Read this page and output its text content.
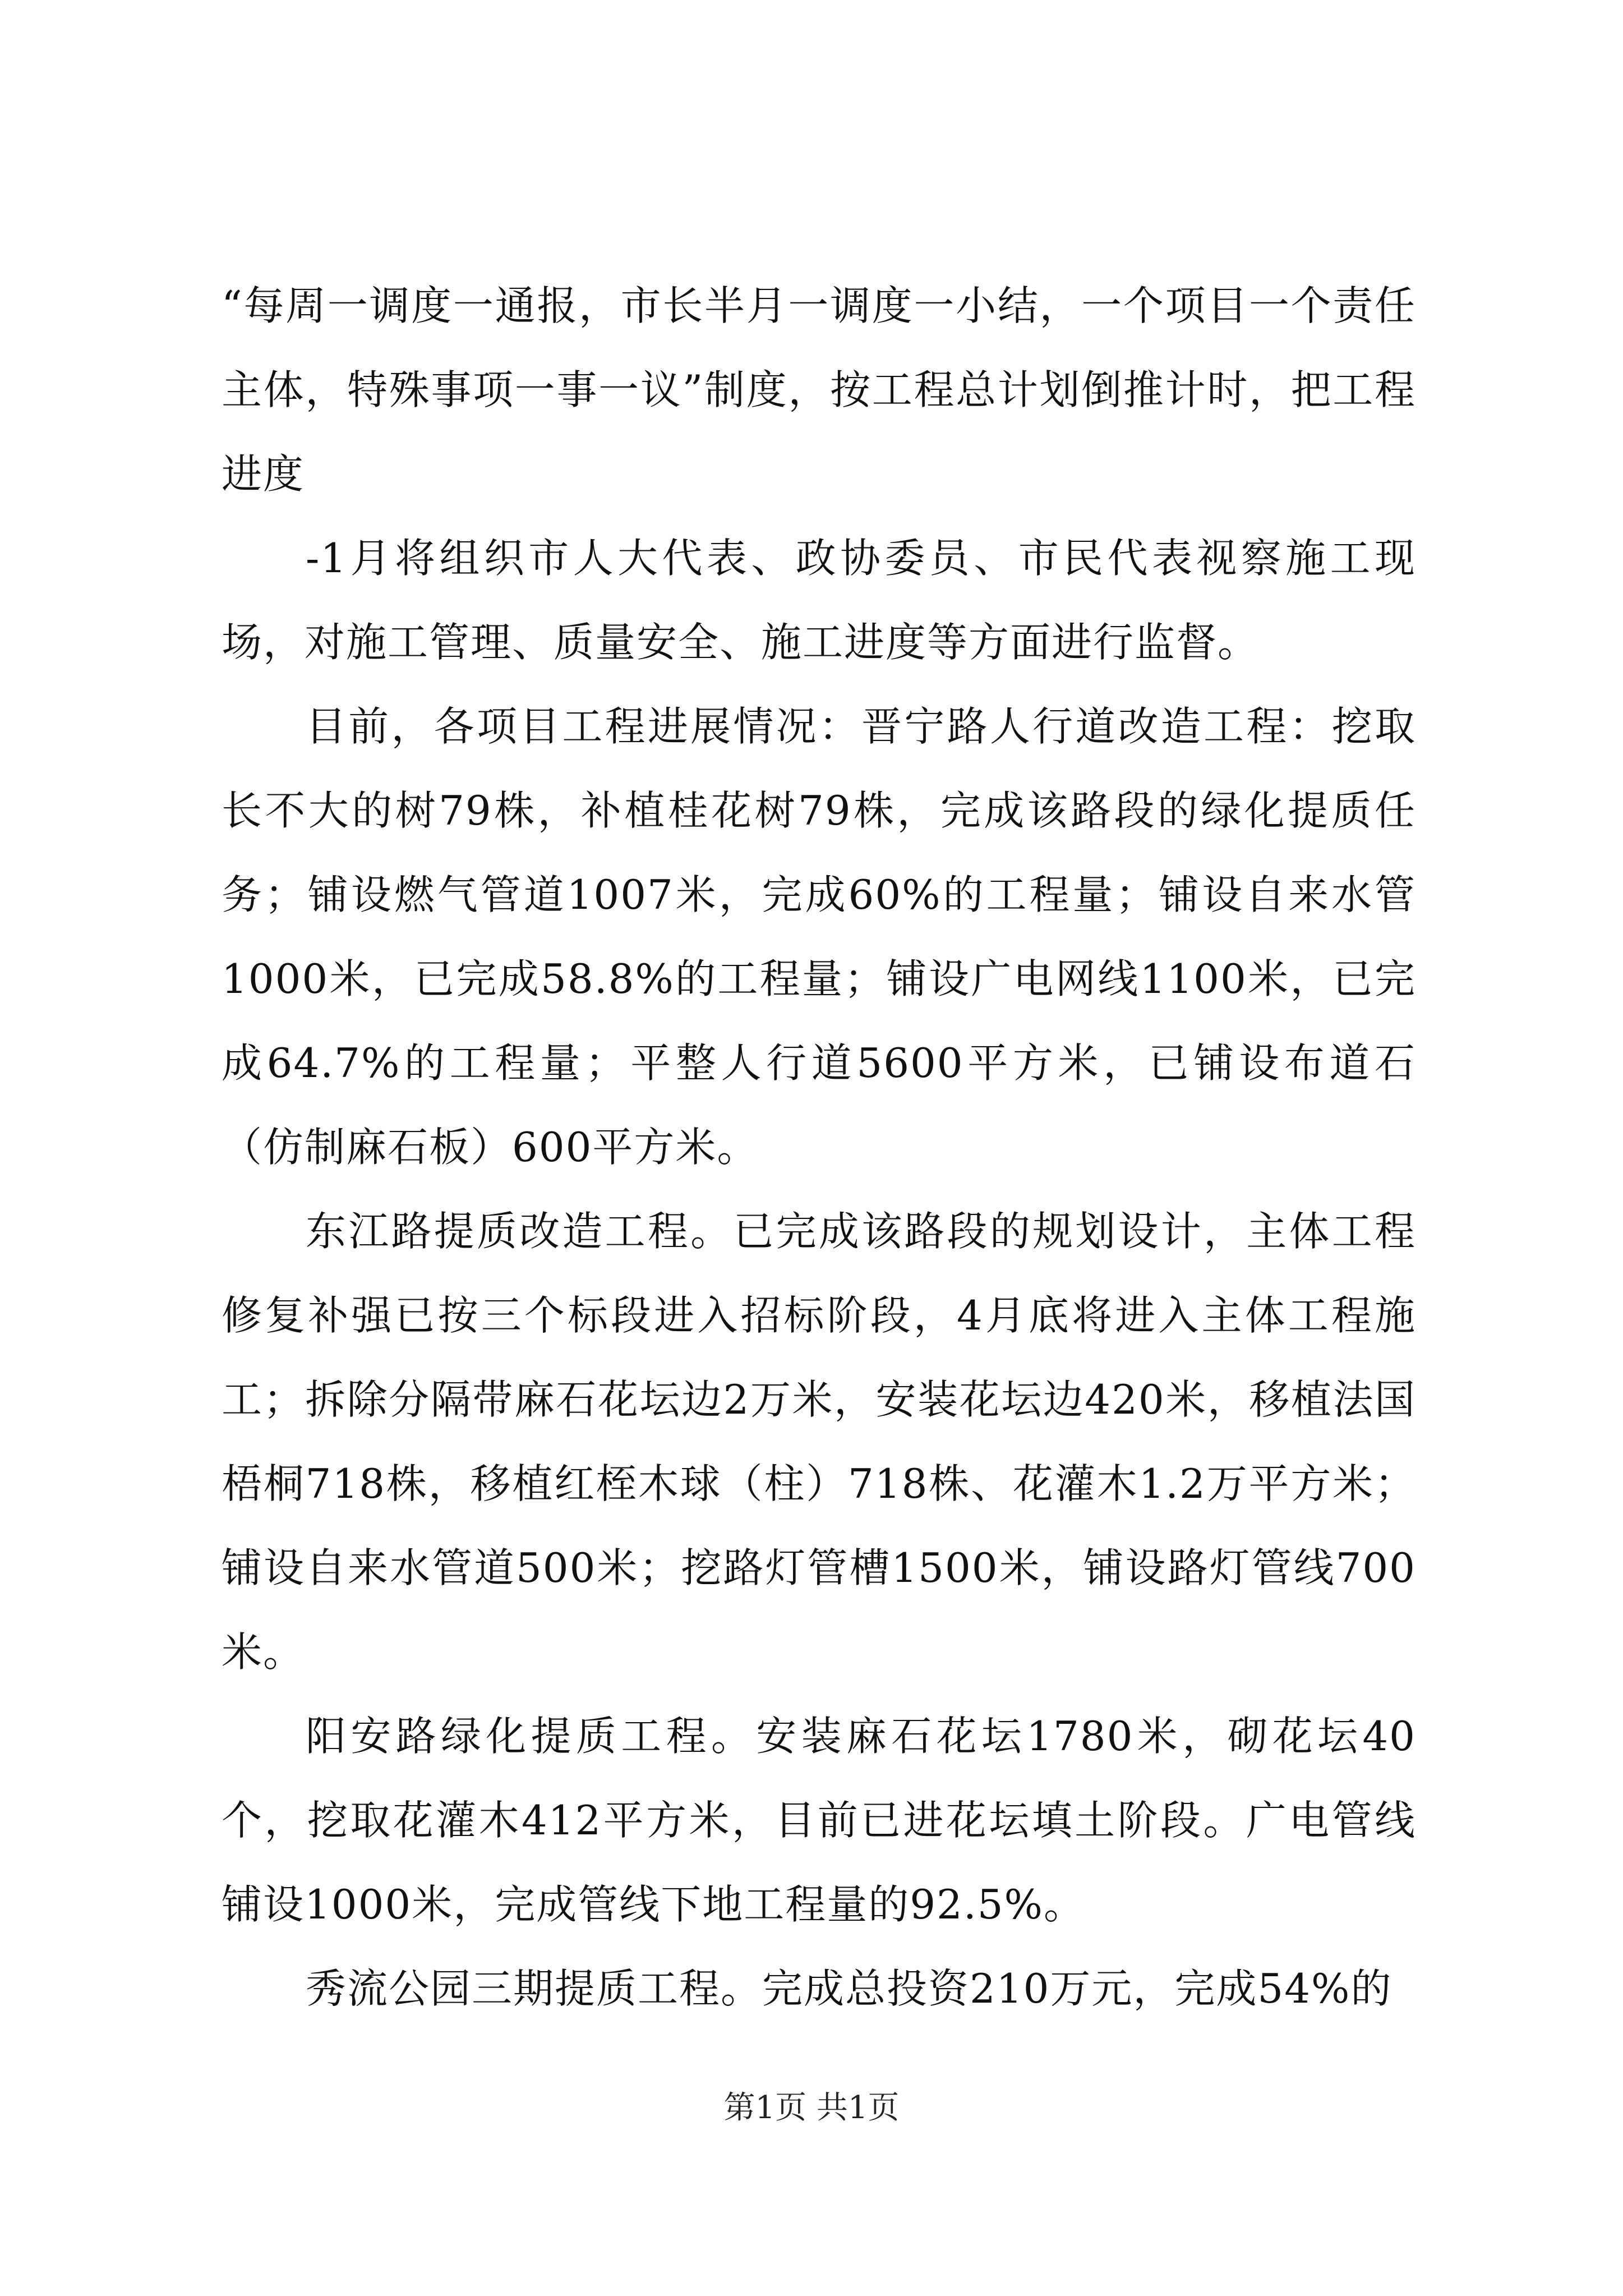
“每周一调度一通报，市长半月一调度一小结，一个项目一个责任主体，特殊事项一事一议”制度，按工程总计划倒推计时，把工程进度

-1月将组织市人大代表、政协委员、市民代表视察施工现场，对施工管理、质量安全、施工进度等方面进行监督。

目前，各项目工程进展情况：晋宁路人行道改造工程：挖取长不大的树79株，补植桂花树79株，完成该路段的绿化提质任务；铺设燃气管道1007米，完成60%的工程量；铺设自来水管1000米，已完成58.8%的工程量；铺设广电网线1100米，已完成64.7%的工程量；平整人行道5600平方米，已铺设布道石（仿制麻石板）600平方米。

东江路提质改造工程。已完成该路段的规划设计，主体工程修复补强已按三个标段进入招标阶段，4月底将进入主体工程施工；拆除分隔带麻石花坛边2万米，安装花坛边420米，移植法国梧桐718株，移植红桎木球（柱）718株、花灌木1.2万平方米；铺设自来水管道500米；挖路灯管槽1500米，铺设路灯管线700米。

阳安路绿化提质工程。安装麻石花坛1780米，砌花坛40个，挖取花灌木412平方米，目前已进花坛填土阶段。广电管线铺设1000米，完成管线下地工程量的92.5%。

秀流公园三期提质工程。完成总投资210万元，完成54%的

第1页 共1页
